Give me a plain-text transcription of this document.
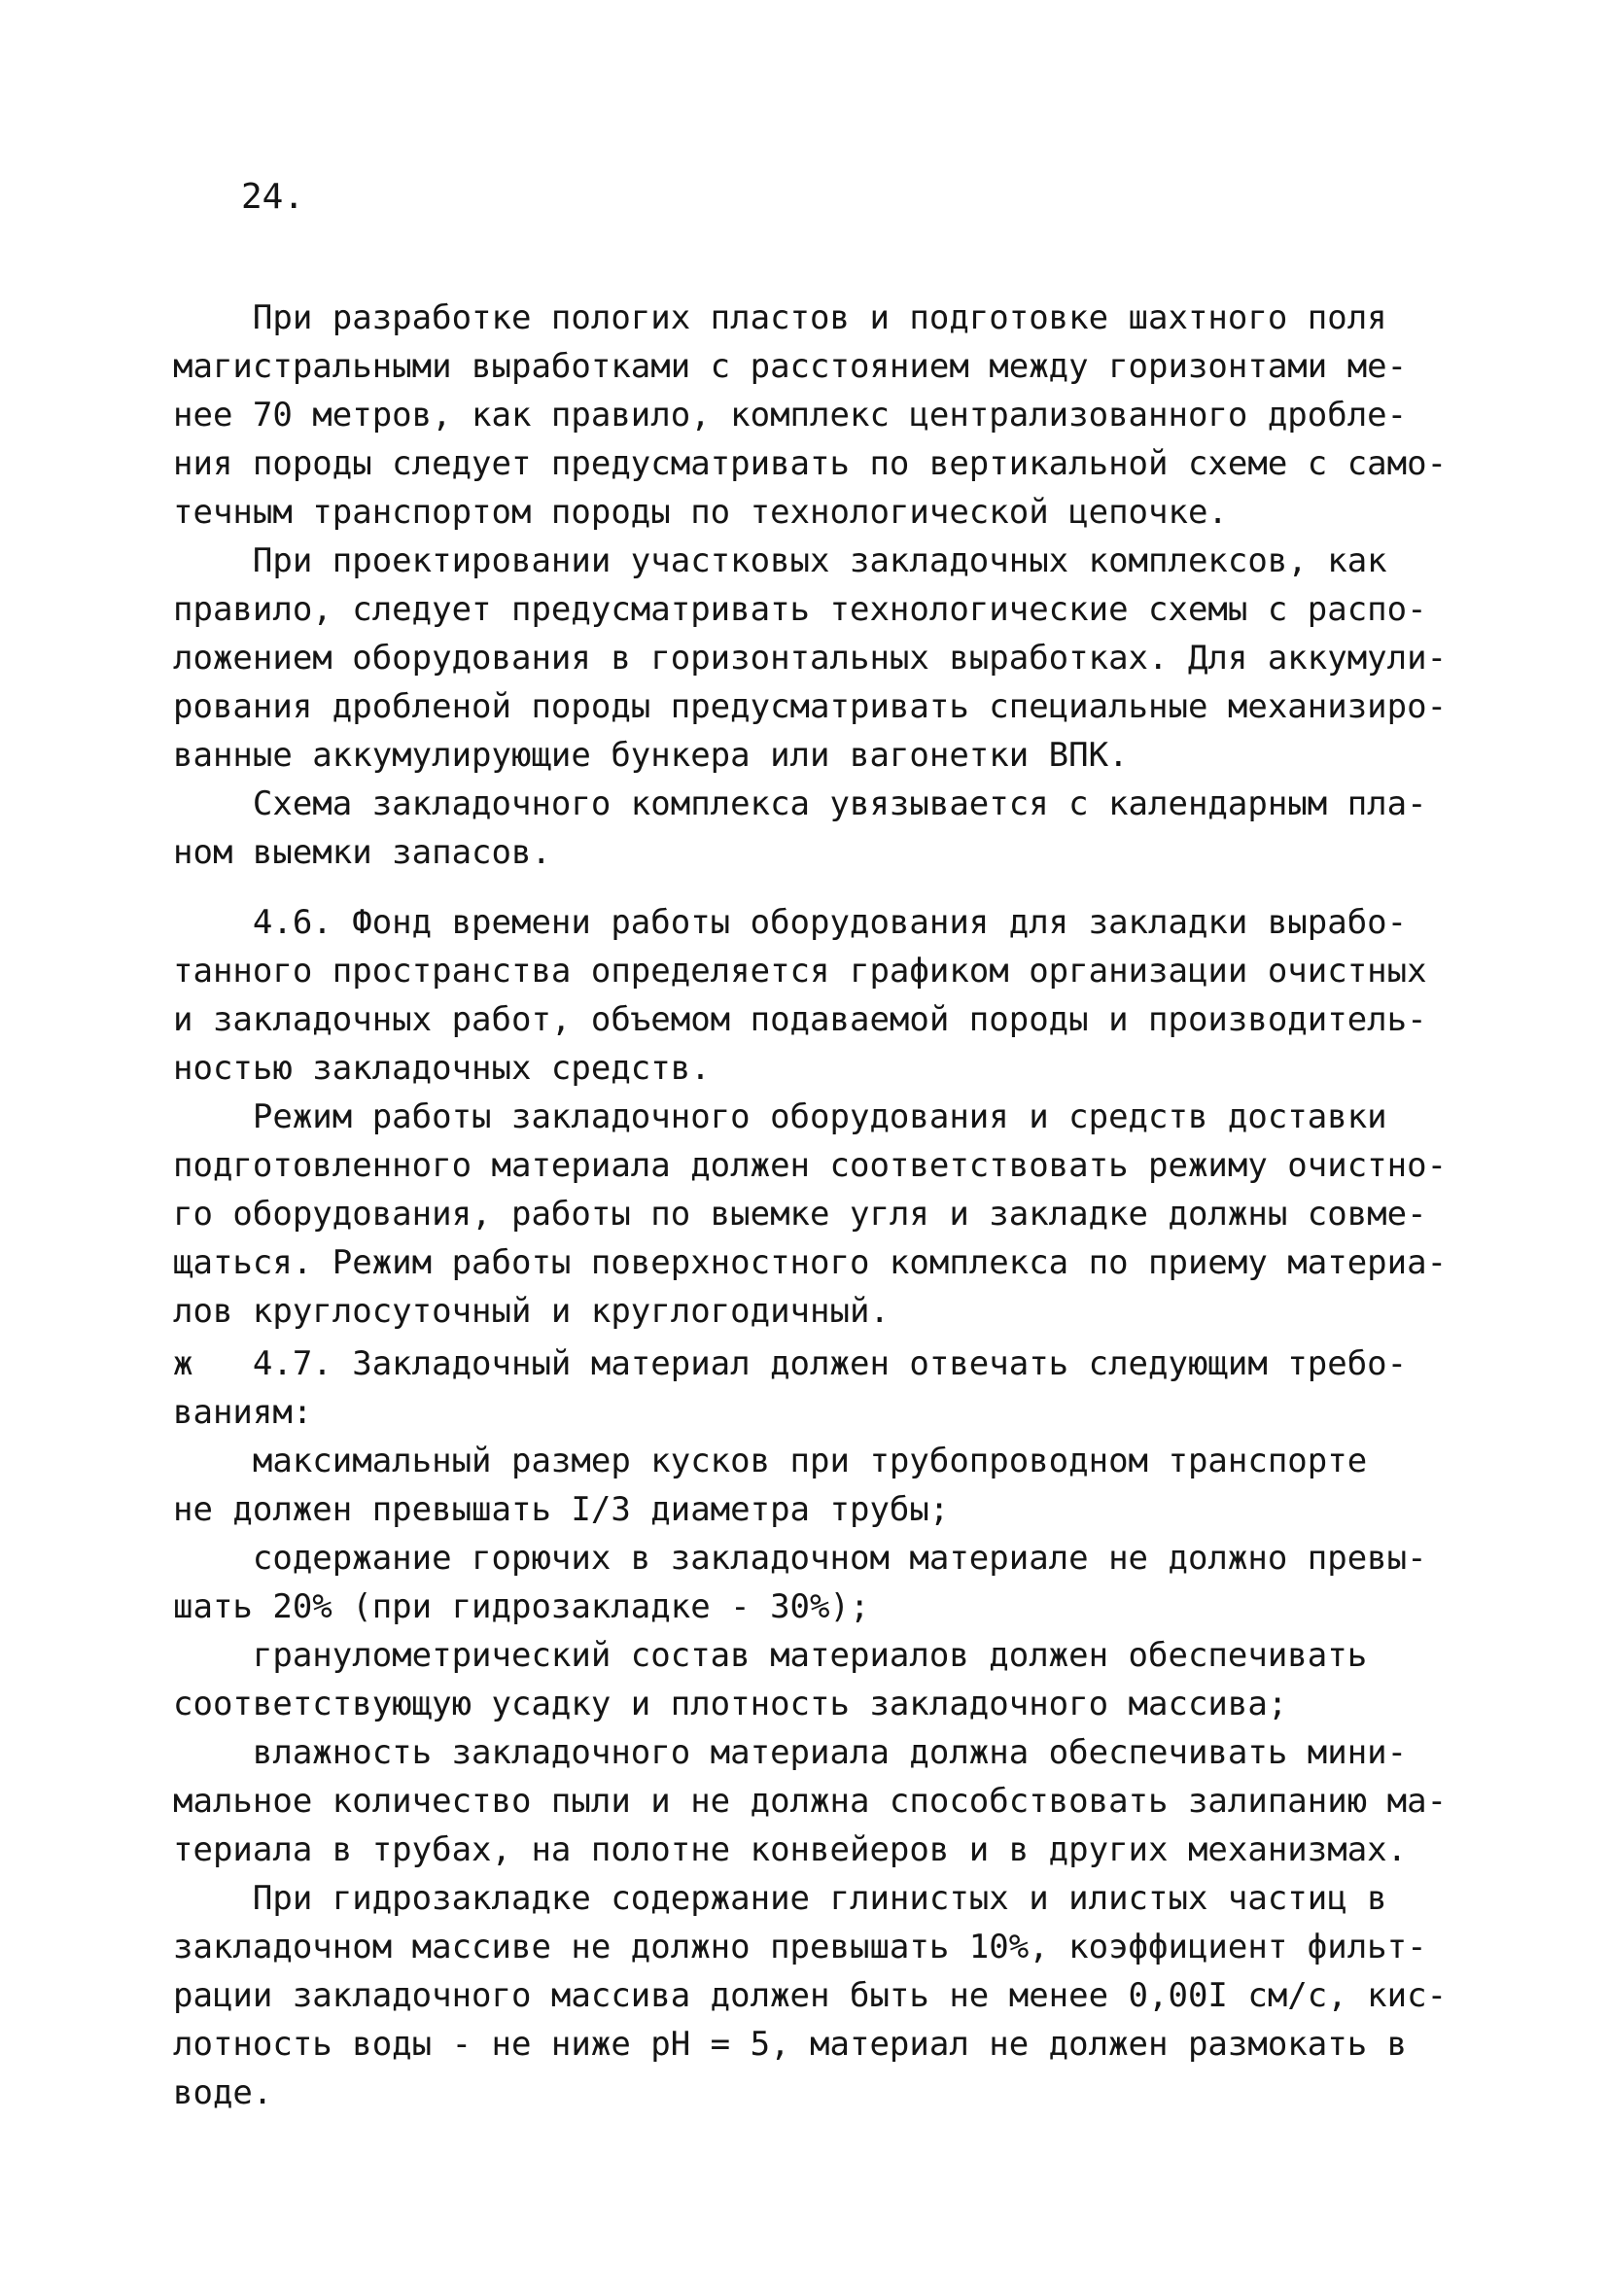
24.
При разработке пологих пластов и подготовке шахтного поля
магистральными выработками с расстоянием между горизонтами ме-
нее 70 метров, как правило, комплекс централизованного дробле-
ния породы следует предусматривать по вертикальной схеме с само-
течным транспортом породы по технологической цепочке.
При проектировании участковых закладочных комплексов, как
правило, следует предусматривать технологические схемы с распо-
ложением оборудования в горизонтальных выработках. Для аккумули-
рования дробленой породы предусматривать специальные механизиро-
ванные аккумулирующие бункера или вагонетки ВПК.
Схема закладочного комплекса увязывается с календарным пла-
ном выемки запасов.
4.6. Фонд времени работы оборудования для закладки вырабо-
танного пространства определяется графиком организации очистных
и закладочных работ, объемом подаваемой породы и производитель-
ностью закладочных средств.
Режим работы закладочного оборудования и средств доставки
подготовленного материала должен соответствовать режиму очистно-
го оборудования, работы по выемке угля и закладке должны совме-
щаться. Режим работы поверхностного комплекса по приему материа-
лов круглосуточный и круглогодичный.
ж   4.7. Закладочный материал должен отвечать следующим требо-
ваниям:
максимальный размер кусков при трубопроводном транспорте
не должен превышать I/3 диаметра трубы;
содержание горючих в закладочном материале не должно превы-
шать 20% (при гидрозакладке - 30%);
гранулометрический состав материалов должен обеспечивать
соответствующую усадку и плотность закладочного массива;
влажность закладочного материала должна обеспечивать мини-
мальное количество пыли и не должна способствовать залипанию ма-
териала в трубах, на полотне конвейеров и в других механизмах.
При гидрозакладке содержание глинистых и илистых частиц в
закладочном массиве не должно превышать 10%, коэффициент фильт-
рации закладочного массива должен быть не менее 0,00I см/с, кис-
лотность воды - не ниже pH = 5, материал не должен размокать в
воде.
